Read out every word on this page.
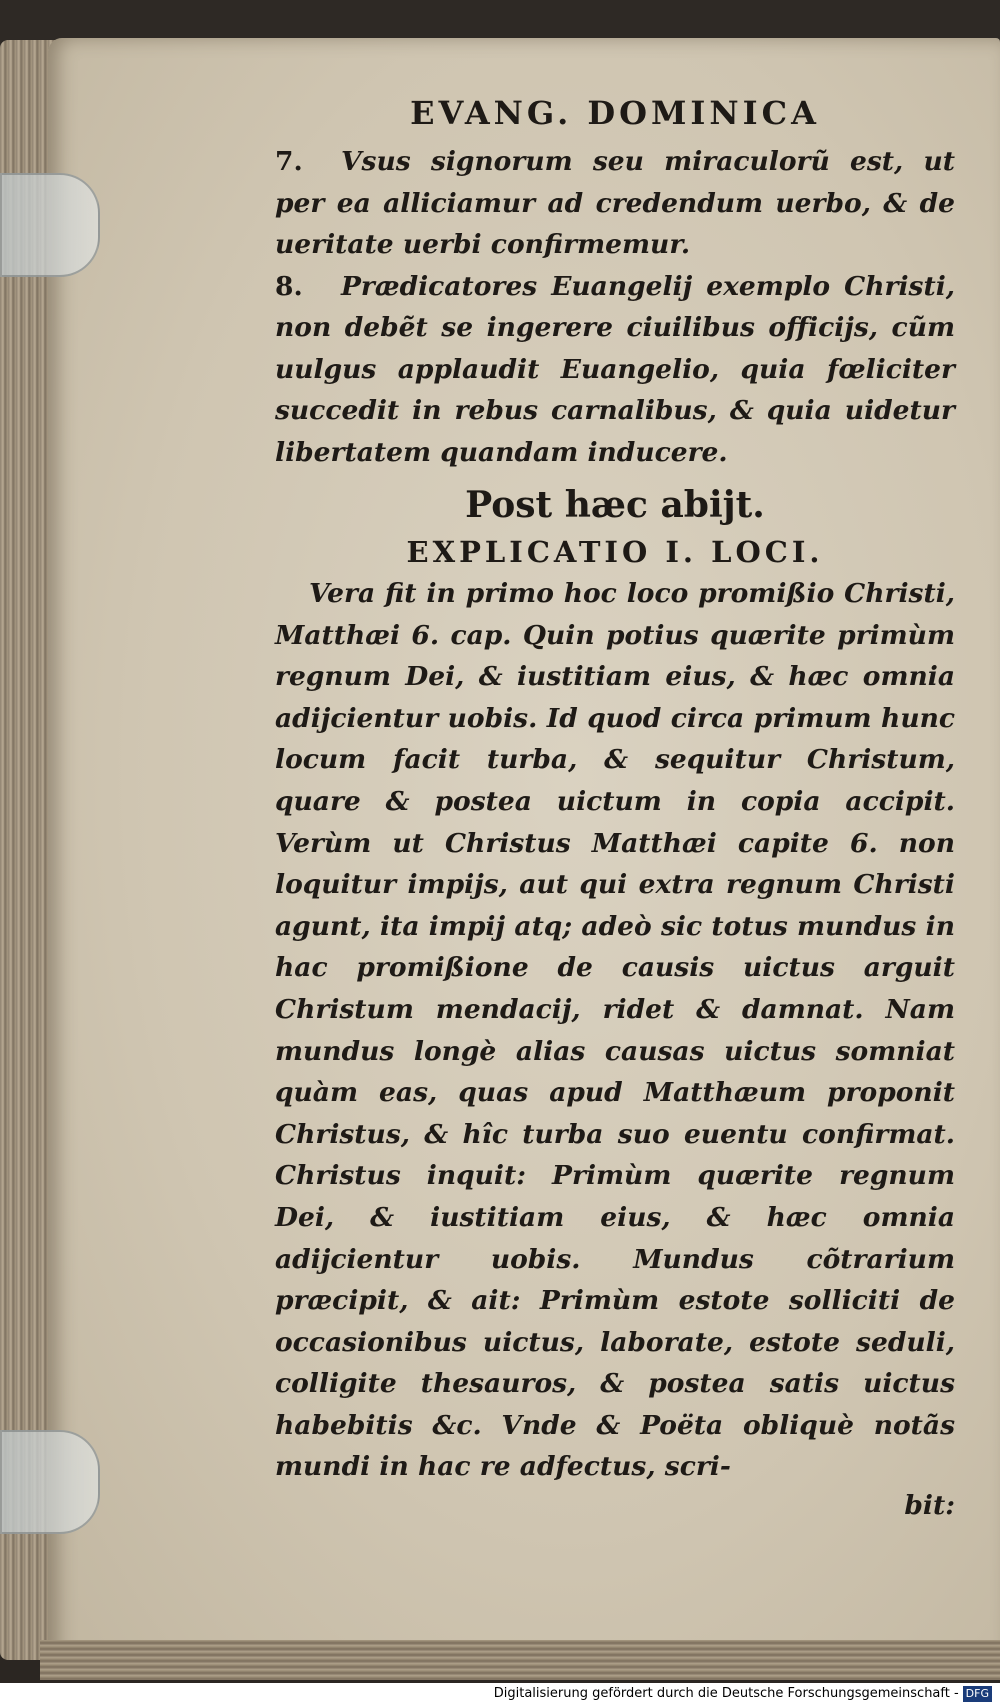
EVANG. DOMINICA
7. Vsus signorum seu miraculorũ est, ut per ea alliciamur ad credendum uerbo, & de ueritate uerbi confirmemur.
8. Prædicatores Euangelij exemplo Christi, non debẽt se ingerere ciuilibus officijs, cũm uulgus applaudit Euangelio, quia fœliciter succedit in rebus carnalibus, & quia uidetur libertatem quandam inducere.
Post hæc abijt.
EXPLICATIO I. LOCI.
Vera fit in primo hoc loco promißio Christi, Matthæi 6. cap. Quin potius quærite primùm regnum Dei, & iustitiam eius, & hæc omnia adijcientur uobis. Id quod circa primum hunc locum facit turba, & sequitur Christum, quare & postea uictum in copia accipit. Verùm ut Christus Matthæi capite 6. non loquitur impijs, aut qui extra regnum Christi agunt, ita impij atq; adeò sic totus mundus in hac promißione de causis uictus arguit Christum mendacij, ridet & damnat. Nam mundus longè alias causas uictus somniat quàm eas, quas apud Matthæum proponit Christus, & hîc turba suo euentu confirmat. Christus inquit: Primùm quærite regnum Dei, & iustitiam eius, & hæc omnia adijcientur uobis. Mundus cõtrarium præcipit, & ait: Primùm estote solliciti de occasionibus uictus, laborate, estote seduli, colligite thesauros, & postea satis uictus habebitis &c. Vnde & Poëta obliquè notãs mundi in hac re adfectus, scri-
bit:
Digitalisierung gefördert durch die Deutsche Forschungsgemeinschaft - DFG
